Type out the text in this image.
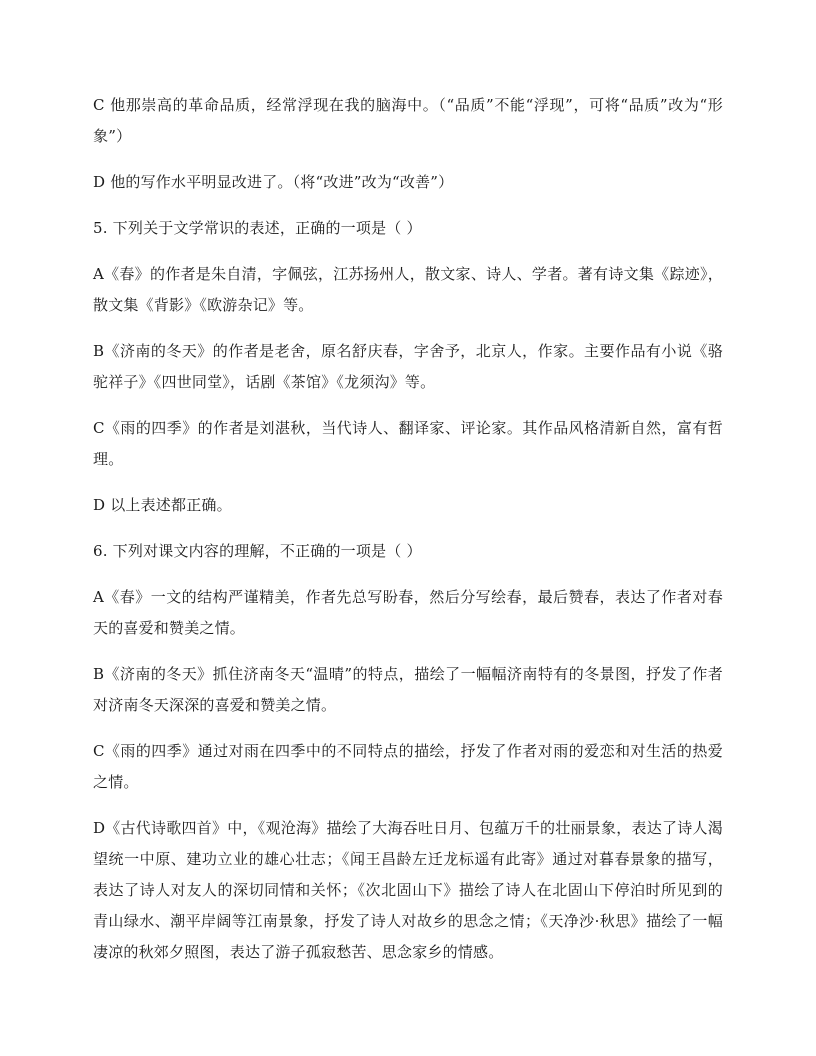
C 他那崇高的革命品质，经常浮现在我的脑海中。（“品质”不能“浮现”，可将“品质”改为“形象”）

D 他的写作水平明显改进了。（将“改进”改为“改善”）

5. 下列关于文学常识的表述，正确的一项是（ ）

A《春》的作者是朱自清，字佩弦，江苏扬州人，散文家、诗人、学者。著有诗文集《踪迹》，散文集《背影》《欧游杂记》等。

B《济南的冬天》的作者是老舍，原名舒庆春，字舍予，北京人，作家。主要作品有小说《骆驼祥子》《四世同堂》，话剧《茶馆》《龙须沟》等。

C《雨的四季》的作者是刘湛秋，当代诗人、翻译家、评论家。其作品风格清新自然，富有哲理。

D 以上表述都正确。

6. 下列对课文内容的理解，不正确的一项是（ ）

A《春》一文的结构严谨精美，作者先总写盼春，然后分写绘春，最后赞春，表达了作者对春天的喜爱和赞美之情。

B《济南的冬天》抓住济南冬天“温晴”的特点，描绘了一幅幅济南特有的冬景图，抒发了作者对济南冬天深深的喜爱和赞美之情。

C《雨的四季》通过对雨在四季中的不同特点的描绘，抒发了作者对雨的爱恋和对生活的热爱之情。

D《古代诗歌四首》中，《观沧海》描绘了大海吞吐日月、包蕴万千的壮丽景象，表达了诗人渴望统一中原、建功立业的雄心壮志；《闻王昌龄左迁龙标遥有此寄》通过对暮春景象的描写，表达了诗人对友人的深切同情和关怀；《次北固山下》描绘了诗人在北固山下停泊时所见到的青山绿水、潮平岸阔等江南景象，抒发了诗人对故乡的思念之情；《天净沙·秋思》描绘了一幅凄凉的秋郊夕照图，表达了游子孤寂愁苦、思念家乡的情感。
